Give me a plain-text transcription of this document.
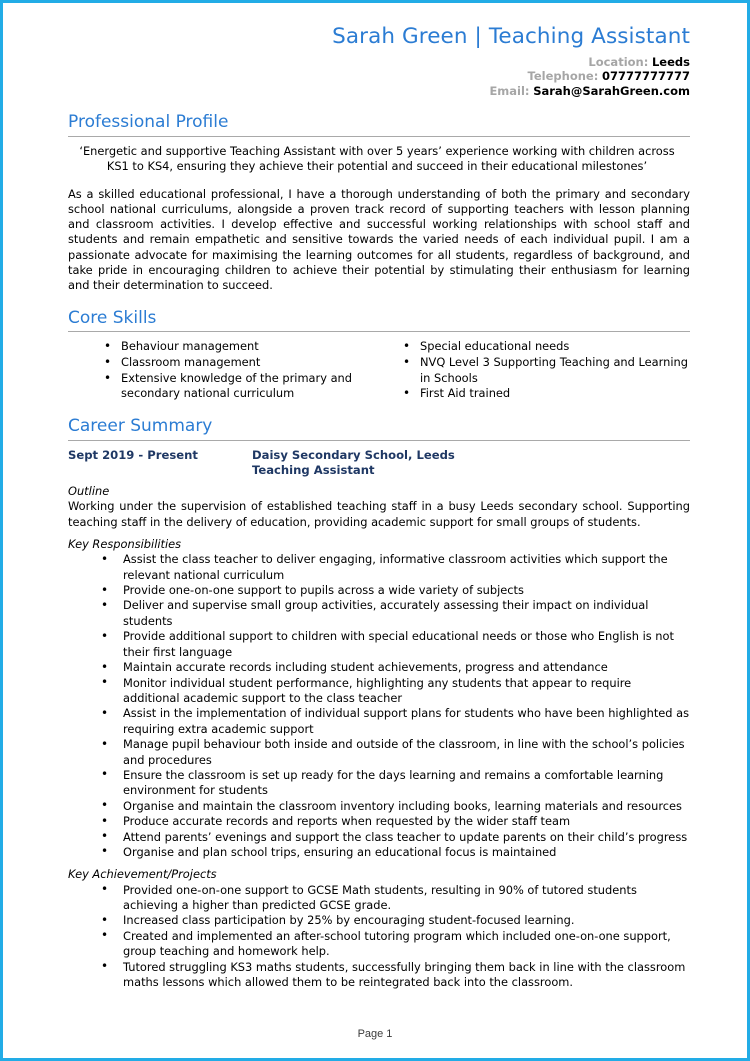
Sarah Green | Teaching Assistant
Location: Leeds
Telephone: 07777777777
Email: Sarah@SarahGreen.com
Professional Profile
‘Energetic and supportive Teaching Assistant with over 5 years’ experience working with children across KS1 to KS4, ensuring they achieve their potential and succeed in their educational milestones’
As a skilled educational professional, I have a thorough understanding of both the primary and secondary school national curriculums, alongside a proven track record of supporting teachers with lesson planning and classroom activities. I develop effective and successful working relationships with school staff and students and remain empathetic and sensitive towards the varied needs of each individual pupil. I am a passionate advocate for maximising the learning outcomes for all students, regardless of background, and take pride in encouraging children to achieve their potential by stimulating their enthusiasm for learning and their determination to succeed.
Core Skills
• Behaviour management
• Classroom management
• Extensive knowledge of the primary and secondary national curriculum
• Special educational needs
• NVQ Level 3 Supporting Teaching and Learning in Schools
• First Aid trained
Career Summary
Sept 2019 - Present	Daisy Secondary School, Leeds
Teaching Assistant
Outline
Working under the supervision of established teaching staff in a busy Leeds secondary school. Supporting teaching staff in the delivery of education, providing academic support for small groups of students.
Key Responsibilities
• Assist the class teacher to deliver engaging, informative classroom activities which support the relevant national curriculum
• Provide one-on-one support to pupils across a wide variety of subjects
• Deliver and supervise small group activities, accurately assessing their impact on individual students
• Provide additional support to children with special educational needs or those who English is not their first language
• Maintain accurate records including student achievements, progress and attendance
• Monitor individual student performance, highlighting any students that appear to require additional academic support to the class teacher
• Assist in the implementation of individual support plans for students who have been highlighted as requiring extra academic support
• Manage pupil behaviour both inside and outside of the classroom, in line with the school’s policies and procedures
• Ensure the classroom is set up ready for the days learning and remains a comfortable learning environment for students
• Organise and maintain the classroom inventory including books, learning materials and resources
• Produce accurate records and reports when requested by the wider staff team
• Attend parents’ evenings and support the class teacher to update parents on their child’s progress
• Organise and plan school trips, ensuring an educational focus is maintained
Key Achievement/Projects
• Provided one-on-one support to GCSE Math students, resulting in 90% of tutored students achieving a higher than predicted GCSE grade.
• Increased class participation by 25% by encouraging student-focused learning.
• Created and implemented an after-school tutoring program which included one-on-one support, group teaching and homework help.
• Tutored struggling KS3 maths students, successfully bringing them back in line with the classroom maths lessons which allowed them to be reintegrated back into the classroom.
Page 1
